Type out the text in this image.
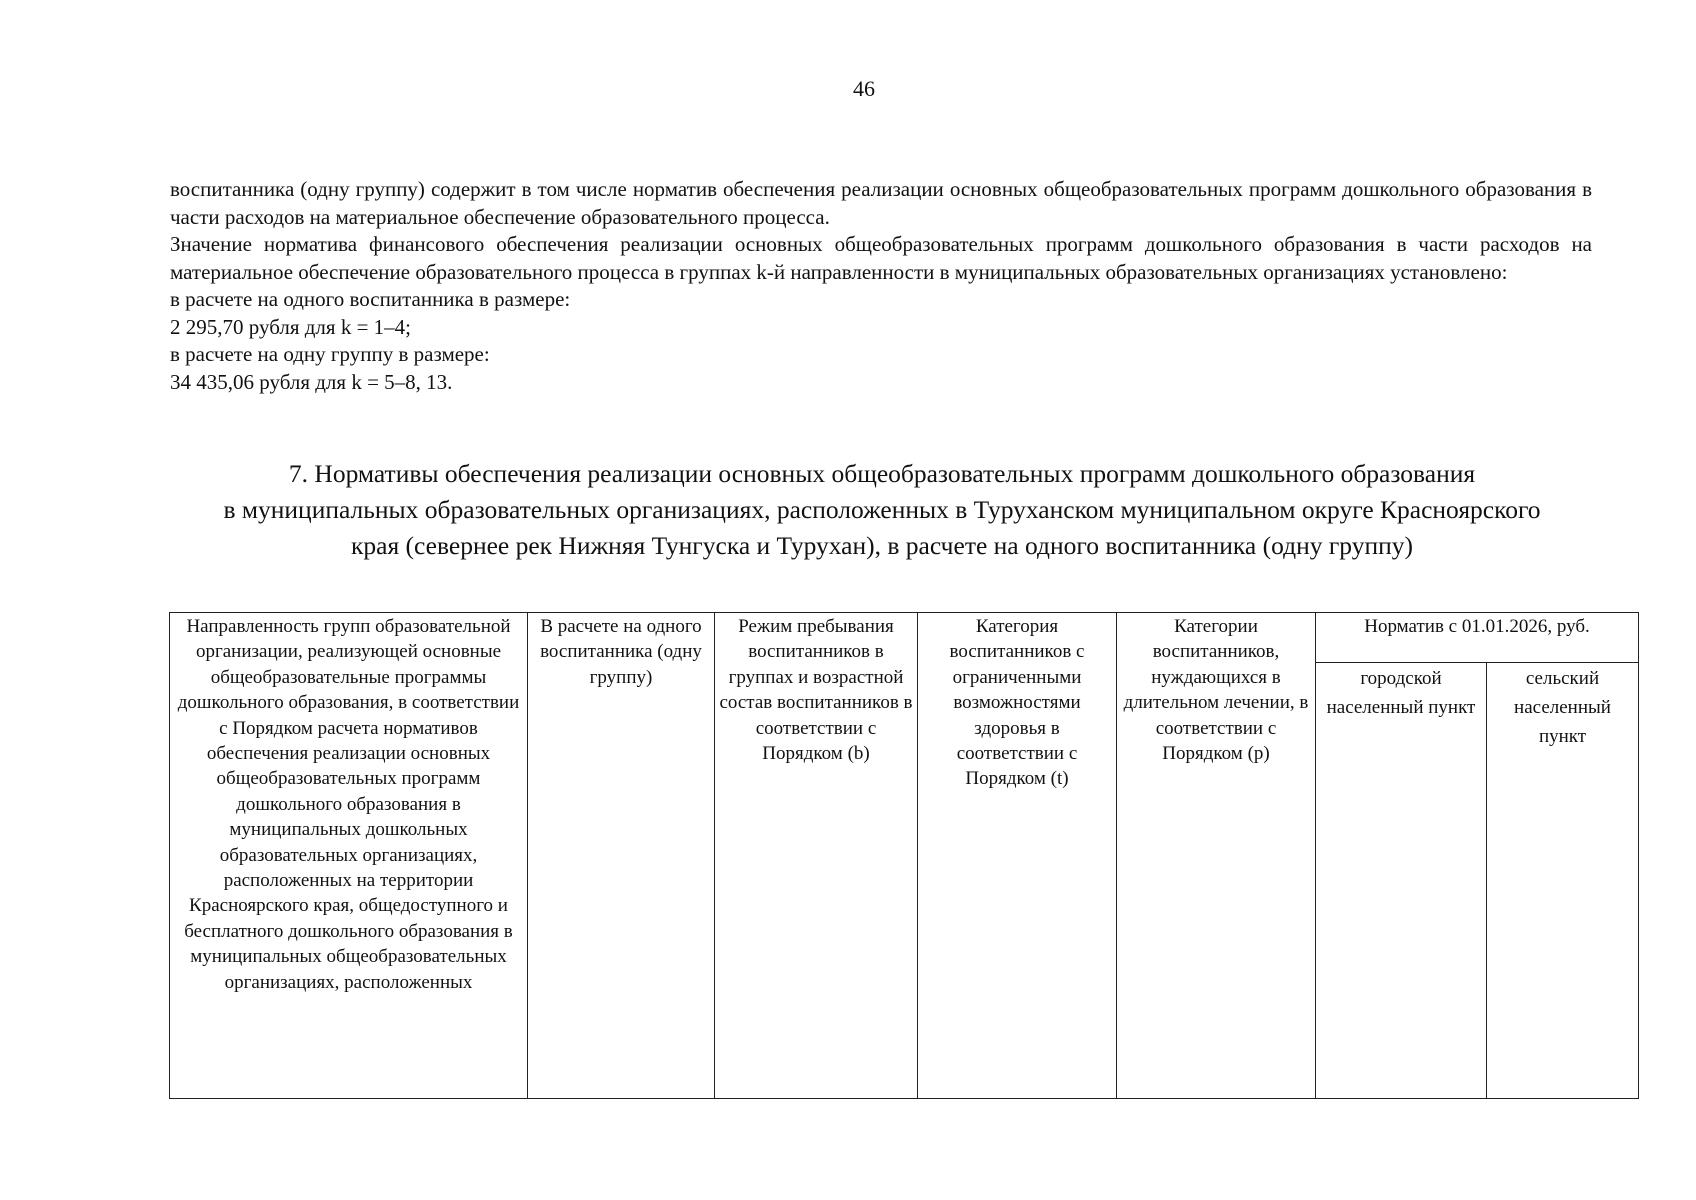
46

воспитанника (одну группу) содержит в том числе норматив обеспечения реализации основных общеобразовательных программ дошкольного образования в части расходов на материальное обеспечение образовательного процесса.

Значение норматива финансового обеспечения реализации основных общеобразовательных программ дошкольного образования в части расходов на материальное обеспечение образовательного процесса в группах k-й направленности в муниципальных образовательных организациях установлено:

в расчете на одного воспитанника в размере:

2 295,70 рубля для k = 1–4;

в расчете на одну группу в размере:

34 435,06 рубля для k = 5–8, 13.

7. Нормативы обеспечения реализации основных общеобразовательных программ дошкольного образования
в муниципальных образовательных организациях, расположенных в Туруханском муниципальном округе Красноярского
края (севернее рек Нижняя Тунгуска и Турухан), в расчете на одного воспитанника (одну группу)
Направленность групп образовательной организации, реализующей основные общеобразовательные программы дошкольного образования, в соответствии с Порядком расчета нормативов обеспечения реализации основных общеобразовательных программ дошкольного образования в муниципальных дошкольных образовательных организациях, расположенных на территории Красноярского края, общедоступного и бесплатного дошкольного образования в муниципальных общеобразовательных организациях, расположенных	В расчете на одного воспитанника (одну группу)	Режим пребывания воспитанников в группах и возрастной состав воспитанников в соответствии с Порядком (b)	Категория воспитанников с ограниченными возможностями здоровья в соответствии с Порядком (t)	Категории воспитанников, нуждающихся в длительном лечении, в соответствии с Порядком (p)	Норматив с 01.01.2026, руб.	
					городской населенный пункт	сельский населенный пункт
